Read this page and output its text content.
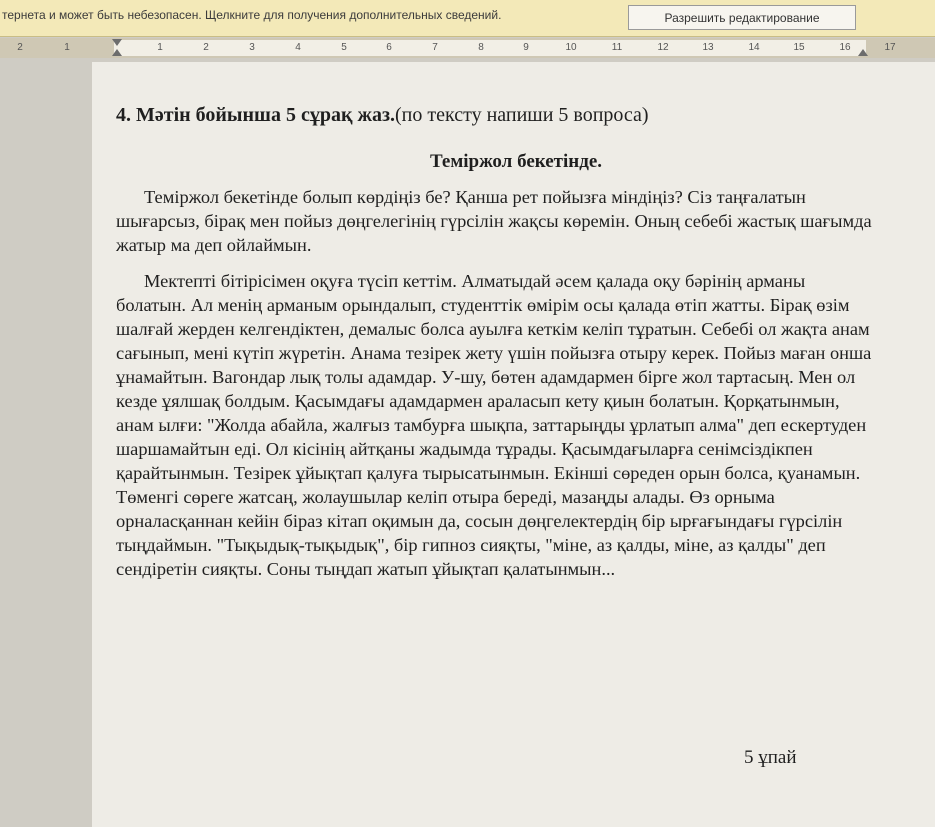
тернета и может быть небезопасен. Щелкните для получения дополнительных сведений.	Разрешить редактирование
2	1	1	2	3	4	5	6	7	8	9	10	11	12	13	14	15	16	17

4. Мәтін бойынша 5 сұрақ жаз.(по тексту напиши 5 вопроса)

Теміржол бекетінде.

Теміржол бекетінде болып көрдіңіз бе? Қанша рет пойызға міндіңіз? Сіз таңғалатын шығарсыз, бірақ мен пойыз дөңгелегінің гүрсілін жақсы көремін. Оның себебі жастық шағымда жатыр ма деп ойлаймын.

Мектепті бітірісімен оқуға түсіп кеттім. Алматыдай әсем қалада оқу бәрінің арманы болатын. Ал менің арманым орындалып, студенттік өмірім осы қалада өтіп жатты. Бірақ өзім шалғай жерден келгендіктен, демалыс болса ауылға кеткім келіп тұратын. Себебі ол жақта анам сағынып, мені күтіп жүретін. Анама тезірек жету үшін пойызға отыру керек. Пойыз маған онша ұнамайтын. Вагондар лық толы адамдар. У-шу, бөтен адамдармен бірге жол тартасың. Мен ол кезде ұялшақ болдым. Қасымдағы адамдармен араласып кету қиын болатын. Қорқатынмын, анам ылғи: "Жолда абайла, жалғыз тамбурға шықпа, заттарыңды ұрлатып алма" деп ескертуден шаршамайтын еді. Ол кісінің айтқаны жадымда тұрады. Қасымдағыларға сенімсіздікпен қарайтынмын. Тезірек ұйықтап қалуға тырысатынмын. Екінші сөреден орын болса, қуанамын. Төменгі сөреге жатсаң, жолаушылар келіп отыра береді, мазаңды алады. Өз орныма орналасқаннан кейін біраз кітап оқимын да, сосын дөңгелектердің бір ырғағындағы гүрсілін тыңдаймын. "Тықыдық-тықыдық", бір гипноз сияқты, "міне, аз қалды, міне, аз қалды" деп сендіретін сияқты. Соны тыңдап жатып ұйықтап қалатынмын...

5 ұпай
